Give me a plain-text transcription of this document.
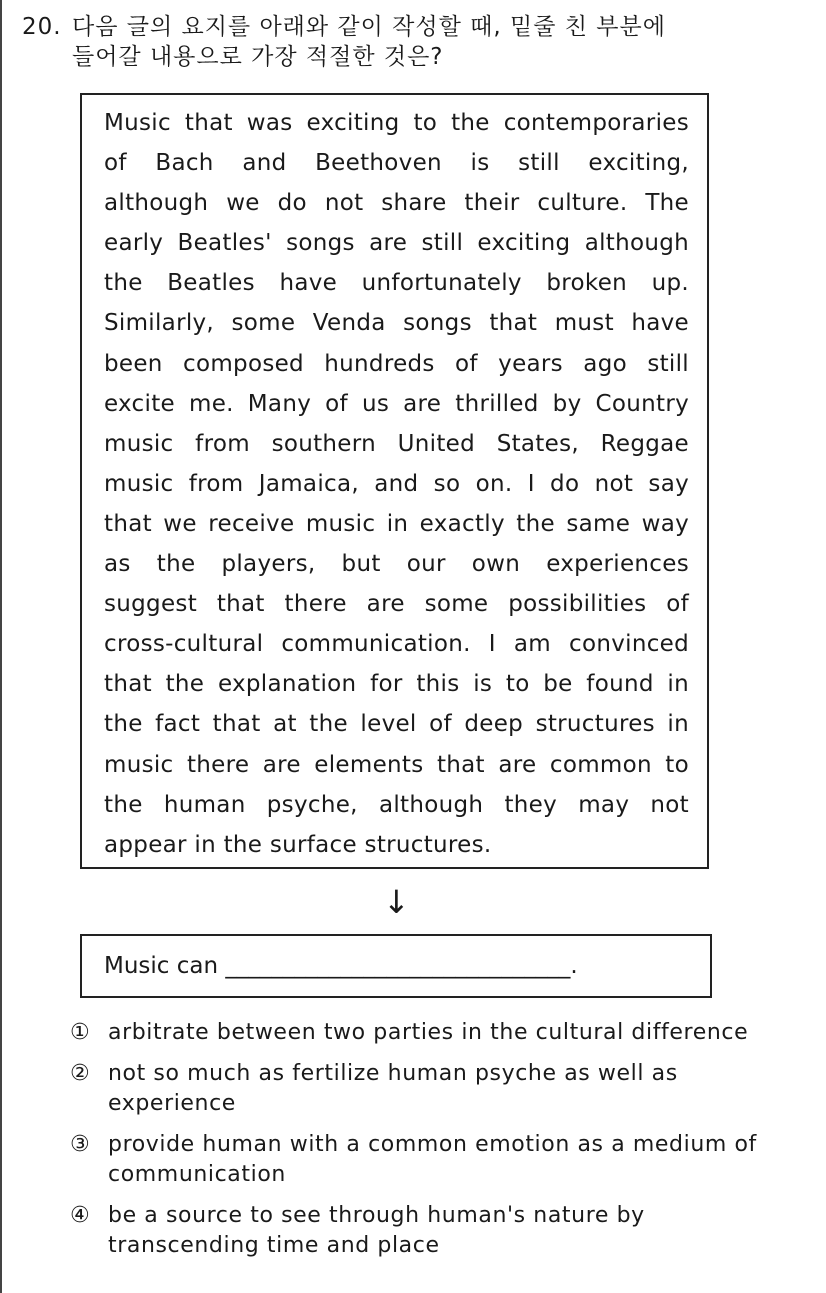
20. 다음 글의 요지를 아래와 같이 작성할 때, 밑줄 친 부분에
들어갈 내용으로 가장 적절한 것은?

Music that was exciting to the contemporaries

of Bach and Beethoven is still exciting,

although we do not share their culture. The

early Beatles' songs are still exciting although

the Beatles have unfortunately broken up.

Similarly, some Venda songs that must have

been composed hundreds of years ago still

excite me. Many of us are thrilled by Country

music from southern United States, Reggae

music from Jamaica, and so on. I do not say

that we receive music in exactly the same way

as the players, but our own experiences

suggest that there are some possibilities of

cross-cultural communication. I am convinced

that the explanation for this is to be found in

the fact that at the level of deep structures in

music there are elements that are common to

the human psyche, although they may not

appear in the surface structures.

↓
Music can ______________________________.
① arbitrate between two parties in the cultural difference
② not so much as fertilize human psyche as well as experience
③ provide human with a common emotion as a medium of communication
④ be a source to see through human's nature by transcending time and place
